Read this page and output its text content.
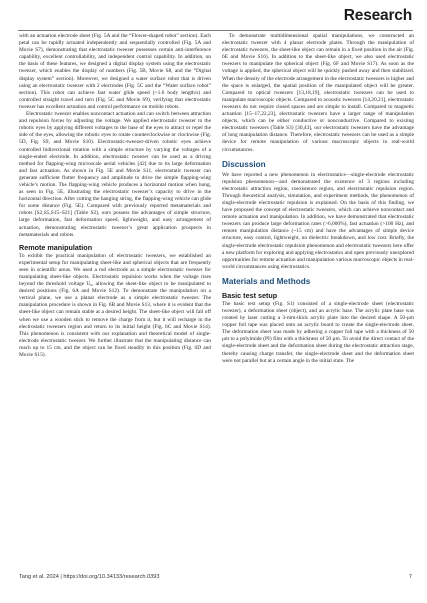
Research

with an actuation electrode sheet (Fig. 5A and the “Flower-shaped robot” section). Each petal can be rapidly actuated independently and sequentially controlled (Fig. 5A and Movie S7), demonstrating that electrostatic tweezer possesses certain anti-interference capability, excellent controllability, and independent control capability. In addition, on the basis of these features, we designed a digital display system using the electrostatic tweezer, which enables the display of numbers (Fig. 5B, Movie S8, and the “Digital display system” section). Moreover, we designed a water surface robot that is driven using an electrostatic tweezer with 2 electrodes (Fig. 5C and the “Water surface robot” section). This robot can achieve fast water glide speed (>1.6 body length/s) and controlled straight travel and turn (Fig. 5C and Movie S9), verifying that electrostatic tweezer has excellent actuation and control performance on mobile robots.

Electrostatic tweezer enables noncontact actuation and can switch between attraction and repulsion forces by adjusting the voltage. We applied electrostatic tweezer to the robotic eyes by applying different voltages to the base of the eyes to attract or repel the side of the eyes, allowing the robotic eyes to rotate counterclockwise or clockwise (Fig. 5D, Fig. S9, and Movie S10). Electrostatic-tweezer-driven robotic eyes achieve controlled bidirectional rotation with a simple structure by varying the voltages of a single-ended electrode. In addition, electrostatic tweezer can be used as a driving method for flapping-wing microscale aerial vehicles [42] due to its large deformation and fast actuation. As shown in Fig. 5E and Movie S11, electrostatic tweezer can generate sufficient flutter frequency and amplitude to drive the simple flapping-wing vehicle’s motion. The flapping-wing vehicle produces a horizontal motion when hung, as seen in Fig. 5E, illustrating the electrostatic tweezer’s capacity to drive in the horizontal direction. After cutting the hanging string, the flapping-wing vehicle can glide for some distance (Fig. 5E). Compared with previously reported metamaterials and robots [S2,S5,S15–S21] (Table S2), ours possess the advantages of simple structure, large deformation, fast deformation speed, lightweight, and easy arrangement of actuation, demonstrating electrostatic tweezer’s great application prospects in metamaterials and robots.

Remote manipulation

To exhibit the practical manipulation of electrostatic tweezers, we established an experimental setup for manipulating sheet-like and spherical objects that are frequently seen in scientific areas. We used a rod electrode as a simple electrostatic tweezer for manipulating sheet-like objects. Electrostatic repulsion works when the voltage rises beyond the threshold voltage U₀, allowing the sheet-like object to be manipulated to desired positions (Fig. 6A and Movie S12). To demonstrate the manipulation on a vertical plane, we use a planar electrode as a simple electrostatic tweezer. The manipulation procedure is shown in Fig. 6B and Movie S13, where it is evident that the sheet-like object can remain stable at a desired height. The sheet-like object will fall off when we use a wooden stick to remove the charge from it, but it will recharge in the electrostatic tweezers region and return to its initial height (Fig. 6C and Movie S14). This phenomenon is consistent with our explanation and theoretical model of single-electrode electrostatic tweezer. We further illustrate that the manipulating distance can reach up to 15 cm, and the object can be fixed steadily in this position (Fig. 6D and Movie S15).

To demonstrate multidimensional spatial manipulations, we constructed an electrostatic tweezer with 4 planar electrode plates. Through the manipulation of electrostatic tweezers, the sheet-like object can remain in a fixed position in the air (Fig. 6E and Movie S16). In addition to the sheet-like object, we also used electrostatic tweezers to manipulate the spherical object (Fig. 6F and Movie S17). As soon as the voltage is applied, the spherical object will be quickly pushed away and then stabilized. When the density of the electrode arrangement in the electrostatic tweezers is higher and the space is enlarged, the spatial position of the manipulated object will be greater. Compared to optical tweezers [13,18,19], electrostatic tweezers can be used to manipulate macroscopic objects. Compared to acoustic tweezers [14,20,21], electrostatic tweezers do not require closed spaces and are simple to install. Compared to magnetic actuation [15–17,22,23], electrostatic tweezers have a larger range of manipulation objects, which can be either conductive or nonconductive. Compared to existing electrostatic tweezers (Table S3) [30,43], our electrostatic tweezers have the advantage of long manipulation distance. Therefore, electrostatic tweezers can be used as a simple device for remote manipulation of various macroscopic objects in real-world circumstances.

Discussion

We have reported a new phenomenon in electrostatics—single-electrode electrostatic repulsion phenomenon—and demonstrated the existence of 3 regions including electrostatic attraction region, coexistence region, and electrostatic repulsion region. Through theoretical analysis, simulation, and experiment methods, the phenomenon of single-electrode electrostatic repulsion is explained. On the basis of this finding, we have proposed the concept of electrostatic tweezers, which can achieve noncontact and remote actuation and manipulation. In addition, we have demonstrated that electrostatic tweezers can produce large deformation rates (>6,000%), fast actuation (>100 Hz), and remote manipulation distance (~15 cm) and have the advantages of simple device structure, easy control, lightweight, no dielectric breakdown, and low cost. Briefly, the single-electrode electrostatic repulsion phenomenon and electrostatic tweezers here offer a new platform for exploring and applying electrostatics and open previously unexplored opportunities for remote actuation and manipulation various macroscopic objects in real-world circumstances using electrostatics.

Materials and Methods
Basic test setup

The basic test setup (Fig. S1) consisted of a single-electrode sheet (electrostatic tweezer), a deformation sheet (object), and an acrylic base. The acrylic plate base was created by laser cutting a 3-mm-thick acrylic plate into the desired shape. A 50-μm copper foil tape was placed onto an acrylic board to create the single-electrode sheet. The deformation sheet was made by adhering a copper foil tape with a thickness of 50 μm to a polyimide (PI) film with a thickness of 50 μm. To avoid the direct contact of the single-electrode sheet and the deformation sheet during the electrostatic attraction stage, thereby causing charge transfer, the single-electrode sheet and the deformation sheet were not parallel but at a certain angle in the initial state. The

Tang et al. 2024 | https://doi.org/10.34133/research.0393	7
